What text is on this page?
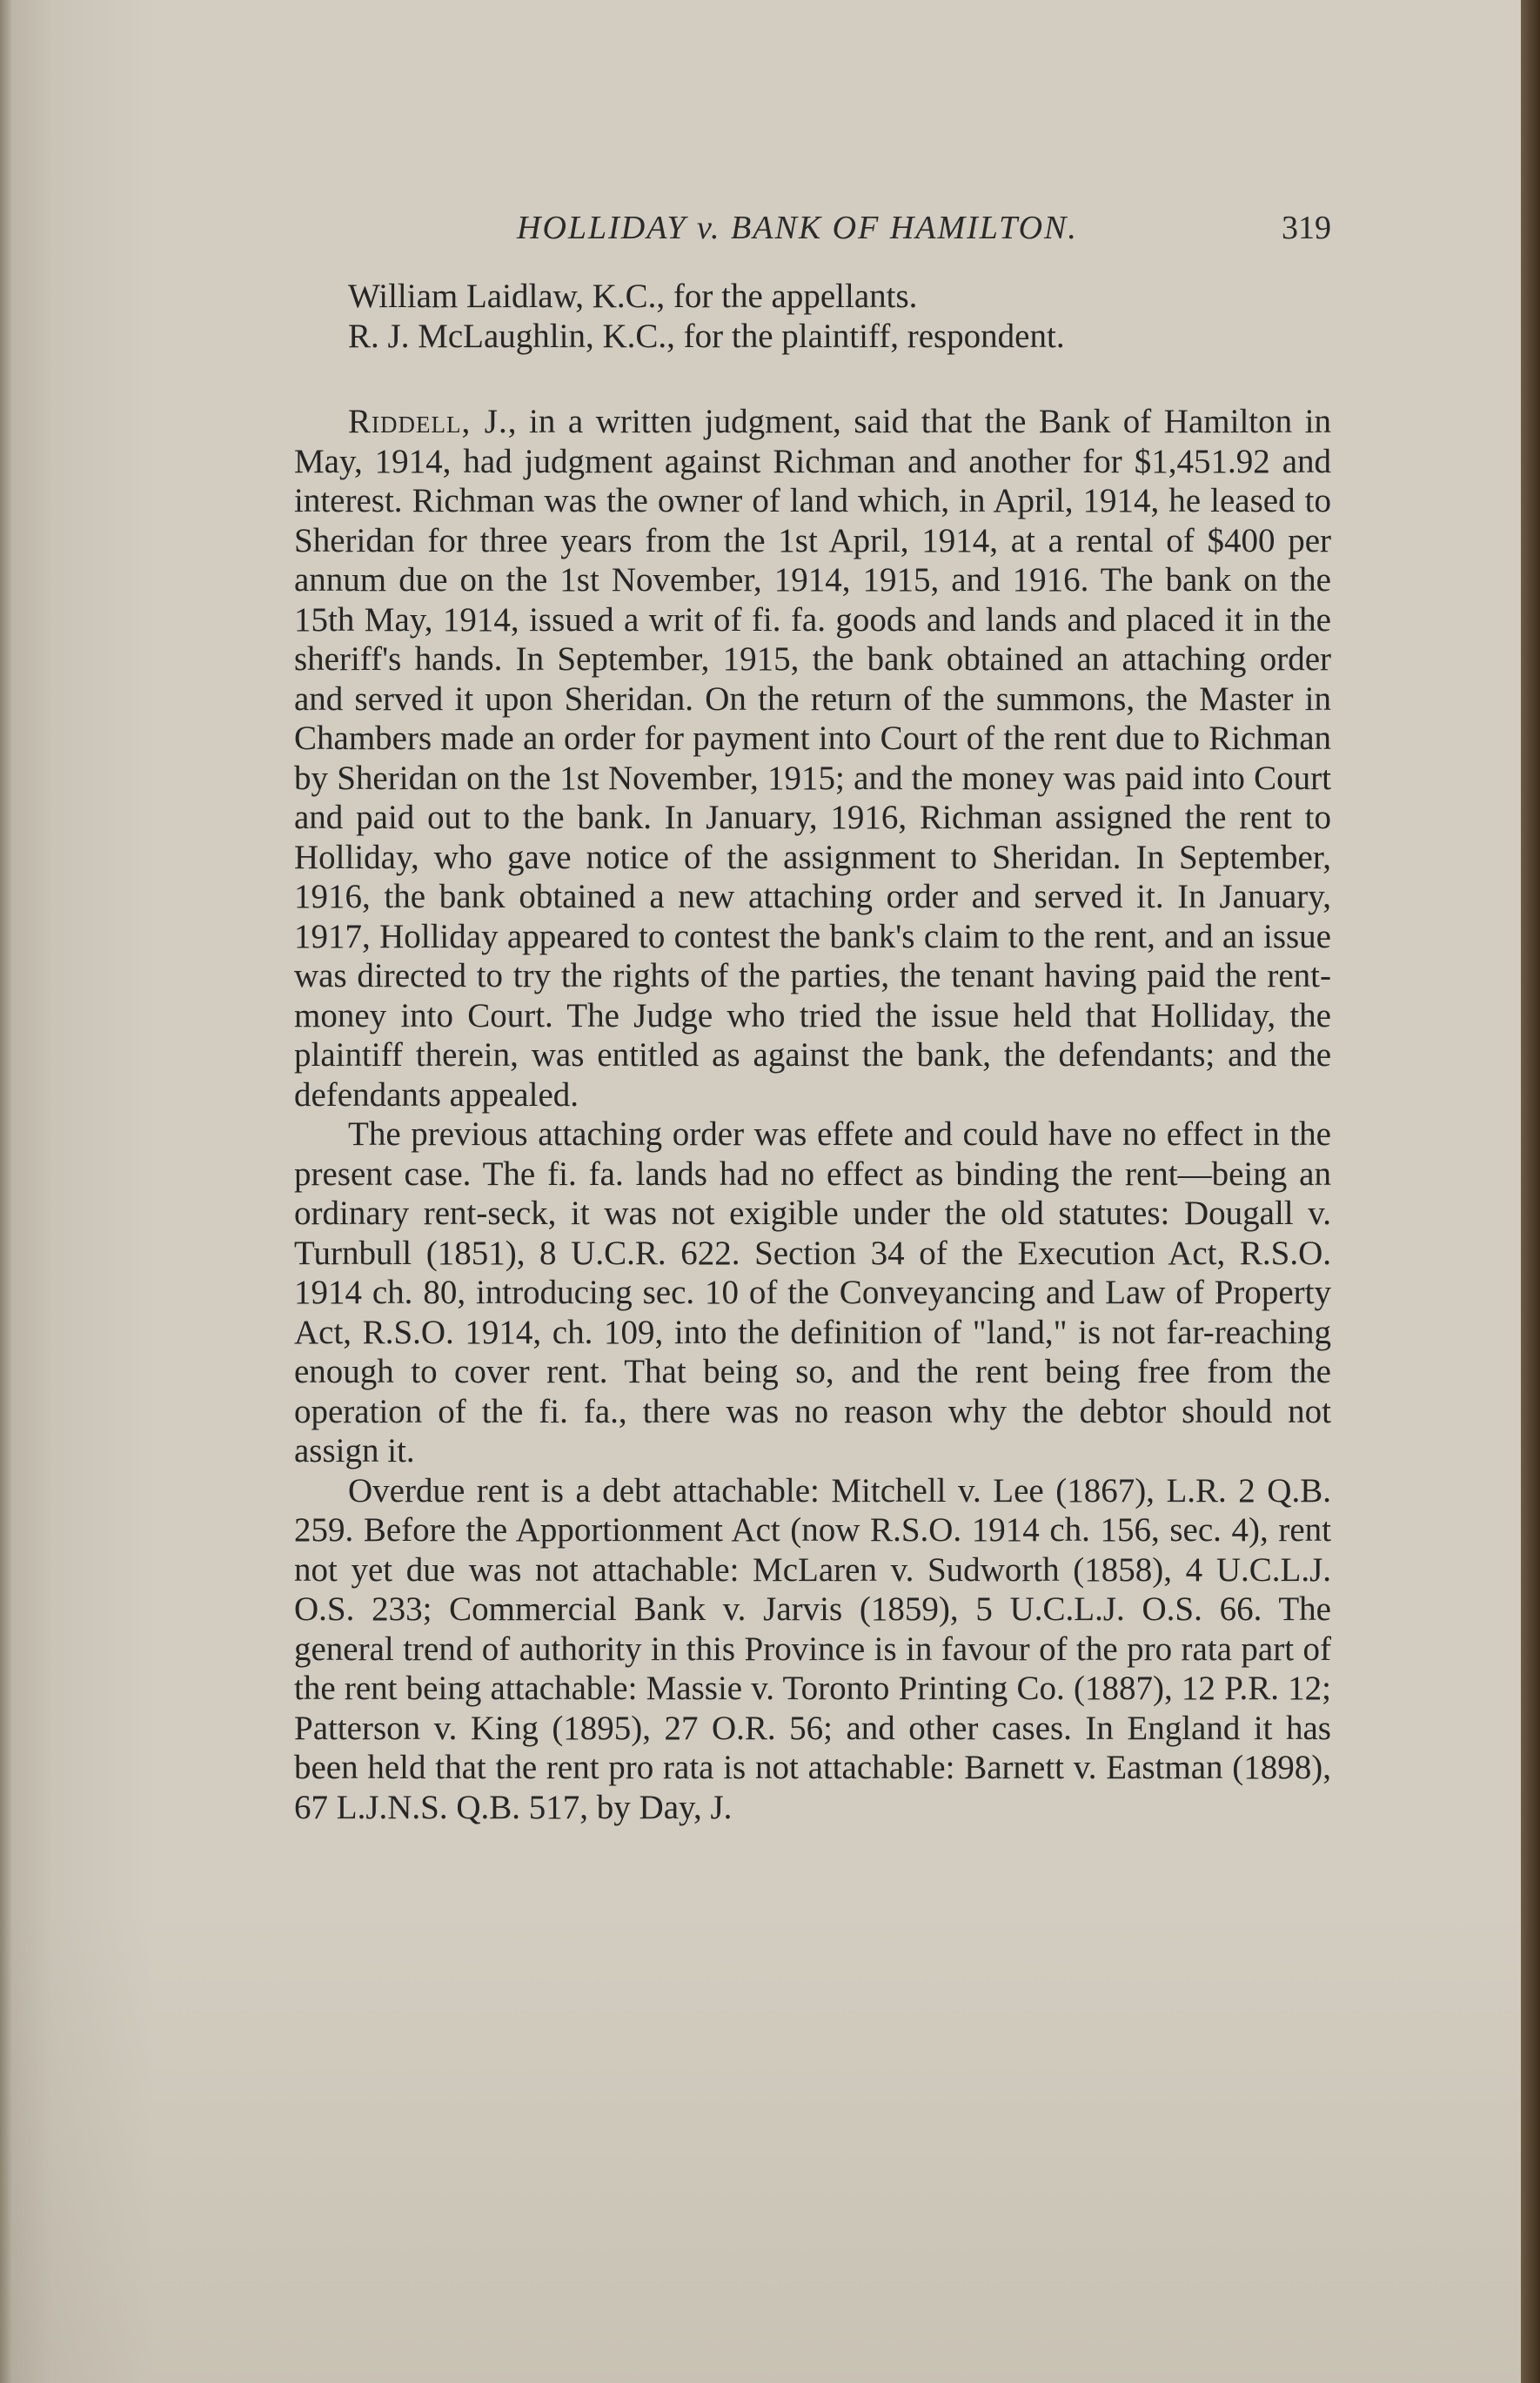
HOLLIDAY v. BANK OF HAMILTON.	319

William Laidlaw, K.C., for the appellants.

R. J. McLaughlin, K.C., for the plaintiff, respondent.

Riddell, J., in a written judgment, said that the Bank of Hamilton in May, 1914, had judgment against Richman and another for $1,451.92 and interest. Richman was the owner of land which, in April, 1914, he leased to Sheridan for three years from the 1st April, 1914, at a rental of $400 per annum due on the 1st November, 1914, 1915, and 1916. The bank on the 15th May, 1914, issued a writ of fi. fa. goods and lands and placed it in the sheriff's hands. In September, 1915, the bank obtained an attaching order and served it upon Sheridan. On the return of the summons, the Master in Chambers made an order for payment into Court of the rent due to Richman by Sheridan on the 1st November, 1915; and the money was paid into Court and paid out to the bank. In January, 1916, Richman assigned the rent to Holliday, who gave notice of the assignment to Sheridan. In September, 1916, the bank obtained a new attaching order and served it. In January, 1917, Holliday appeared to contest the bank's claim to the rent, and an issue was directed to try the rights of the parties, the tenant having paid the rent-money into Court. The Judge who tried the issue held that Holliday, the plaintiff therein, was entitled as against the bank, the defendants; and the defendants appealed.

The previous attaching order was effete and could have no effect in the present case. The fi. fa. lands had no effect as binding the rent—being an ordinary rent-seck, it was not exigible under the old statutes: Dougall v. Turnbull (1851), 8 U.C.R. 622. Section 34 of the Execution Act, R.S.O. 1914 ch. 80, introducing sec. 10 of the Conveyancing and Law of Property Act, R.S.O. 1914, ch. 109, into the definition of "land," is not far-reaching enough to cover rent. That being so, and the rent being free from the operation of the fi. fa., there was no reason why the debtor should not assign it.

Overdue rent is a debt attachable: Mitchell v. Lee (1867), L.R. 2 Q.B. 259. Before the Apportionment Act (now R.S.O. 1914 ch. 156, sec. 4), rent not yet due was not attachable: McLaren v. Sudworth (1858), 4 U.C.L.J. O.S. 233; Commercial Bank v. Jarvis (1859), 5 U.C.L.J. O.S. 66. The general trend of authority in this Province is in favour of the pro rata part of the rent being attachable: Massie v. Toronto Printing Co. (1887), 12 P.R. 12; Patterson v. King (1895), 27 O.R. 56; and other cases. In England it has been held that the rent pro rata is not attachable: Barnett v. Eastman (1898), 67 L.J.N.S. Q.B. 517, by Day, J.
